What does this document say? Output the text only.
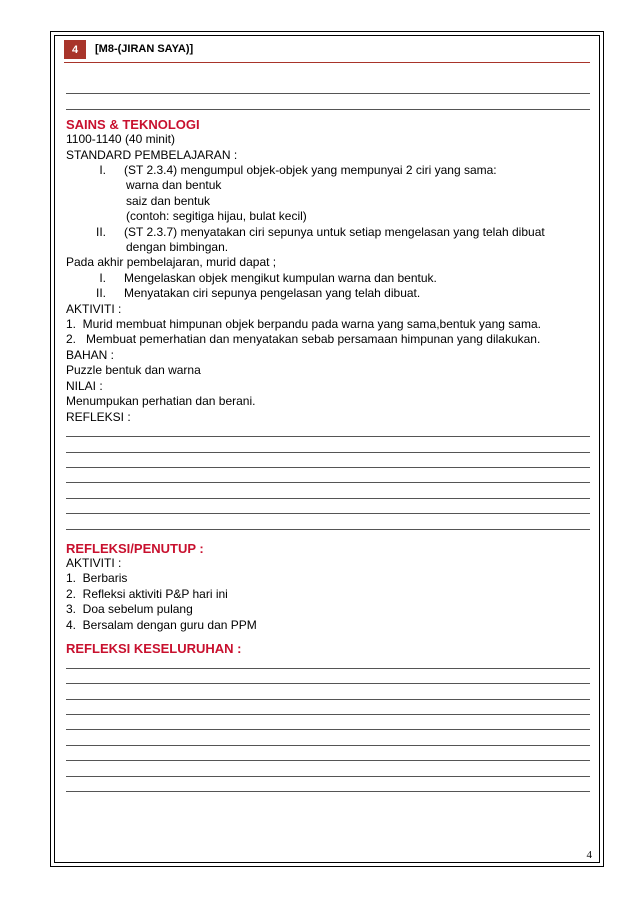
4	[M8-(JIRAN SAYA)]
SAINS & TEKNOLOGI
1100-1140 (40 minit)
STANDARD PEMBELAJARAN :
I.	(ST 2.3.4) mengumpul objek-objek yang mempunyai 2 ciri yang sama:
warna dan bentuk
saiz dan bentuk
(contoh: segitiga hijau, bulat kecil)
II.	(ST 2.3.7) menyatakan ciri sepunya untuk setiap mengelasan yang telah dibuat
dengan bimbingan.
Pada akhir pembelajaran, murid dapat ;
I.	Mengelaskan objek mengikut kumpulan warna dan bentuk.
II.	Menyatakan ciri sepunya pengelasan yang telah dibuat.
AKTIVITI :
1.  Murid membuat himpunan objek berpandu pada warna yang sama,bentuk yang sama.
2.   Membuat pemerhatian dan menyatakan sebab persamaan himpunan yang dilakukan.
BAHAN :
Puzzle bentuk dan warna
NILAI :
Menumpukan perhatian dan berani.
REFLEKSI :
REFLEKSI/PENUTUP :
AKTIVITI :
1.  Berbaris
2.  Refleksi aktiviti P&P hari ini
3.  Doa sebelum pulang
4.  Bersalam dengan guru dan PPM
REFLEKSI KESELURUHAN :
4
